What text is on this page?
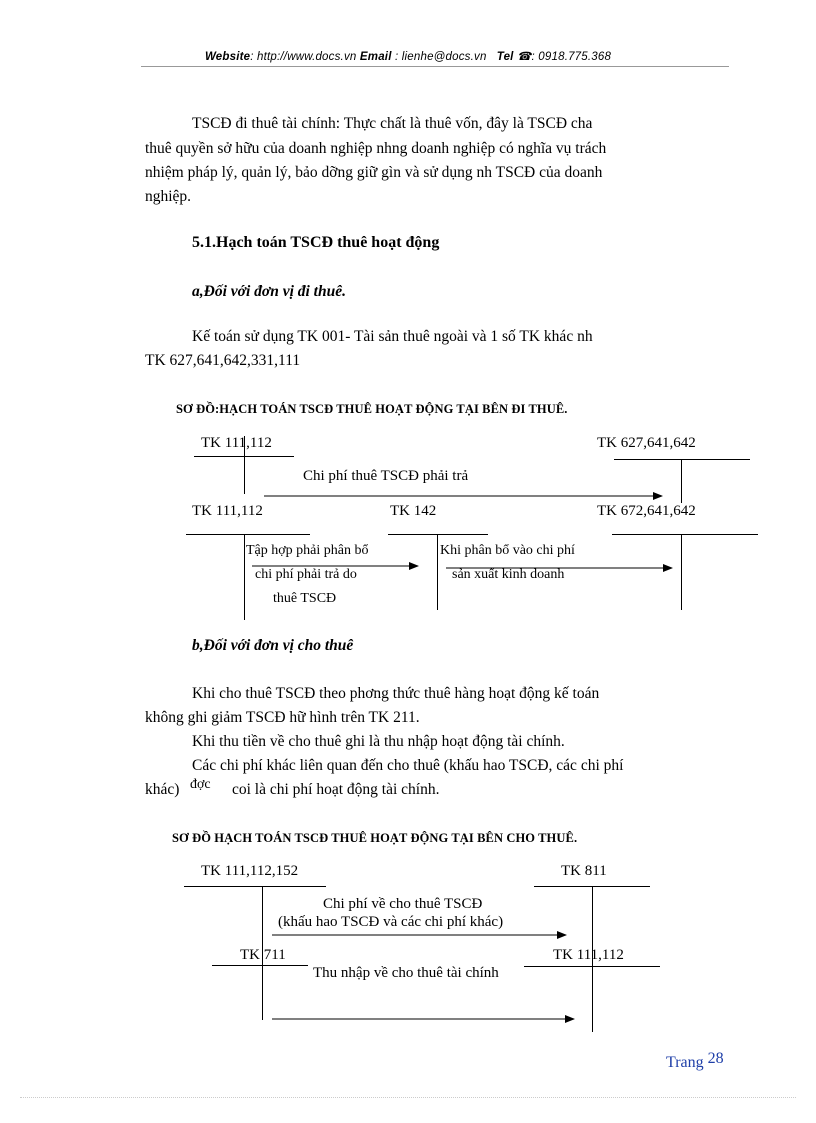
Website: http://www.docs.vn Email : lienhe@docs.vn Tel ☎: 0918.775.368
TSCĐ đi thuê tài chính: Thực chất là thuê vốn, đây là TSCĐ cha
thuê quyền sở hữu của doanh nghiệp nhng doanh nghiệp có nghĩa vụ trách
nhiệm pháp lý, quản lý, bảo dỡng giữ gìn và sử dụng nh TSCĐ của doanh
nghiệp.
5.1.Hạch toán TSCĐ thuê hoạt động
a,Đối với đơn vị đi thuê.
Kế toán sử dụng TK 001- Tài sản thuê ngoài và 1 số TK khác nh
TK 627,641,642,331,111
SƠ ĐỒ:HẠCH TOÁN TSCĐ THUÊ HOẠT ĐỘNG TẠI BÊN ĐI THUÊ.
TK 111,112	TK 627,641,642
Chi phí thuê TSCĐ phải trả
TK 111,112	TK 142	TK 672,641,642
Tập hợp phải phân bổ
chi phí phải trả do
thuê TSCĐ
Khi phân bổ vào chi phí
sản xuất kinh doanh
b,Đối với đơn vị cho thuê
Khi cho thuê TSCĐ theo phơng thức thuê hàng hoạt động kế toán
không ghi giảm TSCĐ hữ hình trên TK 211.
Khi thu tiền về cho thuê ghi là thu nhập hoạt động tài chính.
Các chi phí khác liên quan đến cho thuê (khấu hao TSCĐ, các chi phí
khác) đợc coi là chi phí hoạt động tài chính.
SƠ ĐỒ HẠCH TOÁN TSCĐ THUÊ HOẠT ĐỘNG TẠI BÊN CHO THUÊ.
TK 111,112,152	TK 811
Chi phí về cho thuê TSCĐ
(khấu hao TSCĐ và các chi phí khác)
TK 711	TK 111,112
Thu nhập về cho thuê tài chính
Trang 28
